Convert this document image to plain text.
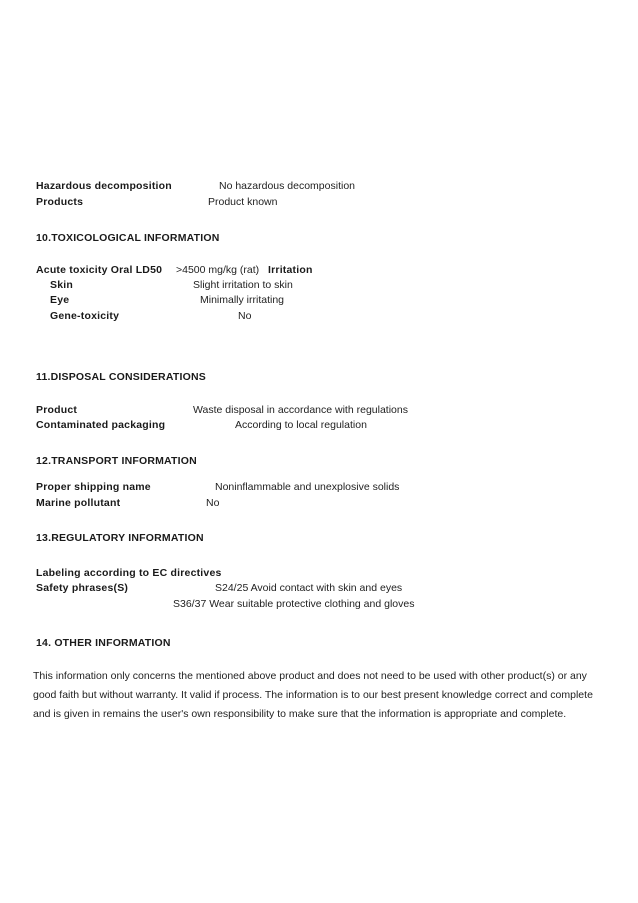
Hazardous decomposition	No hazardous decomposition
Products	Product known
10.TOXICOLOGICAL INFORMATION
Acute toxicity Oral LD50 >4500 mg/kg (rat) Irritation
Skin	Slight irritation to skin
Eye	Minimally irritating
Gene-toxicity	No
11.DISPOSAL CONSIDERATIONS
Product	Waste disposal in accordance with regulations
Contaminated packaging	According to local regulation
12.TRANSPORT INFORMATION
Proper shipping name	Noninflammable and unexplosive solids
Marine pollutant	No
13.REGULATORY INFORMATION
Labeling according to EC directives
Safety phrases(S)	S24/25 Avoid contact with skin and eyes
S36/37 Wear suitable protective clothing and gloves
14. OTHER INFORMATION
This information only concerns the mentioned above product and does not need to be used with other product(s) or any
good faith but without warranty. It valid if process. The information is to our best present knowledge correct and complete
and is given in remains the user's own responsibility to make sure that the information is appropriate and complete.
